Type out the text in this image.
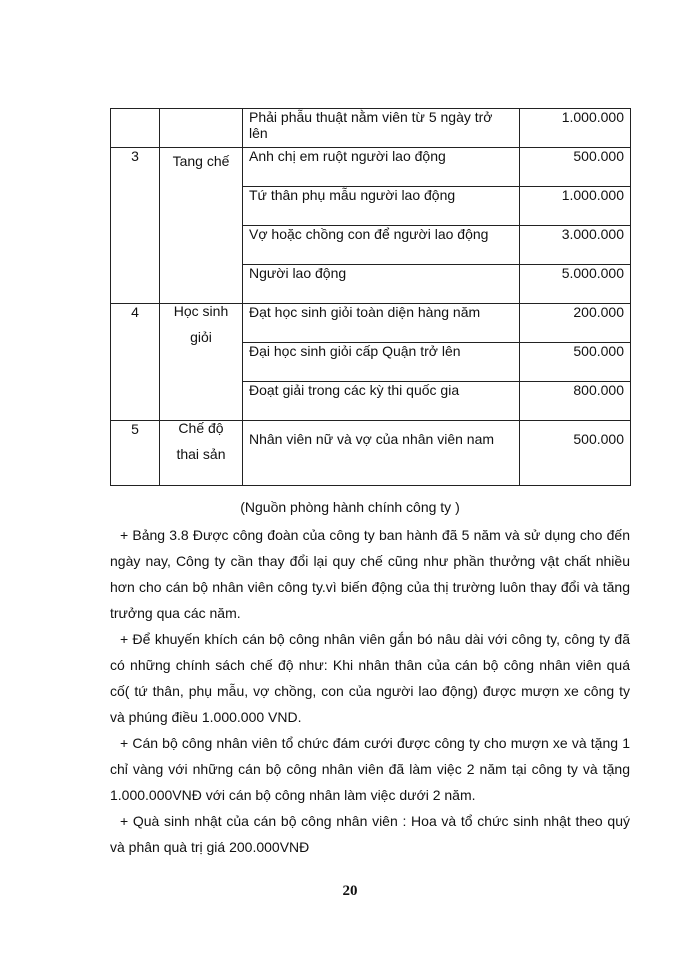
		Phải phẫu thuật nằm viên từ 5 ngày trở lên	1.000.000
3	Tang chế	Anh chị em ruột người lao động	500.000
		Tứ thân phụ mẫu người lao động	1.000.000
		Vợ hoặc chồng con để người lao động	3.000.000
		Người lao động	5.000.000
4	Học sinh giỏi	Đạt học sinh giỏi toàn diện hàng năm	200.000
		Đại học sinh giỏi cấp Quận trở lên	500.000
		Đoạt giải trong các kỳ thi quốc gia	800.000
5	Chế độ thai sản	Nhân viên nữ và vợ của nhân viên nam	500.000
(Nguồn phòng hành chính công ty )

+ Bảng 3.8 Được công đoàn của công ty ban hành đã 5 năm và sử dụng cho đến ngày nay, Công ty cần thay đổi lại quy chế cũng như phần thưởng vật chất nhiều hơn cho cán bộ nhân viên công ty.vì biến động của thị trường luôn thay đổi và tăng trưởng qua các năm.

+ Để khuyến khích cán bộ công nhân viên gắn bó nâu dài với công ty, công ty đã có những chính sách chế độ như: Khi nhân thân của cán bộ công nhân viên quá cố( tứ thân, phụ mẫu, vợ chồng, con của người lao động) được mượn xe công ty và phúng điều 1.000.000 VND.

+ Cán bộ công nhân viên tổ chức đám cưới được công ty cho mượn xe và tặng 1 chỉ vàng với những cán bộ công nhân viên đã làm việc 2 năm tại công ty và tặng 1.000.000VNĐ với cán bộ công nhân làm việc dưới 2 năm.

+ Quà sinh nhật của cán bộ công nhân viên : Hoa và tổ chức sinh nhật theo quý và phân quà trị giá 200.000VNĐ

20
